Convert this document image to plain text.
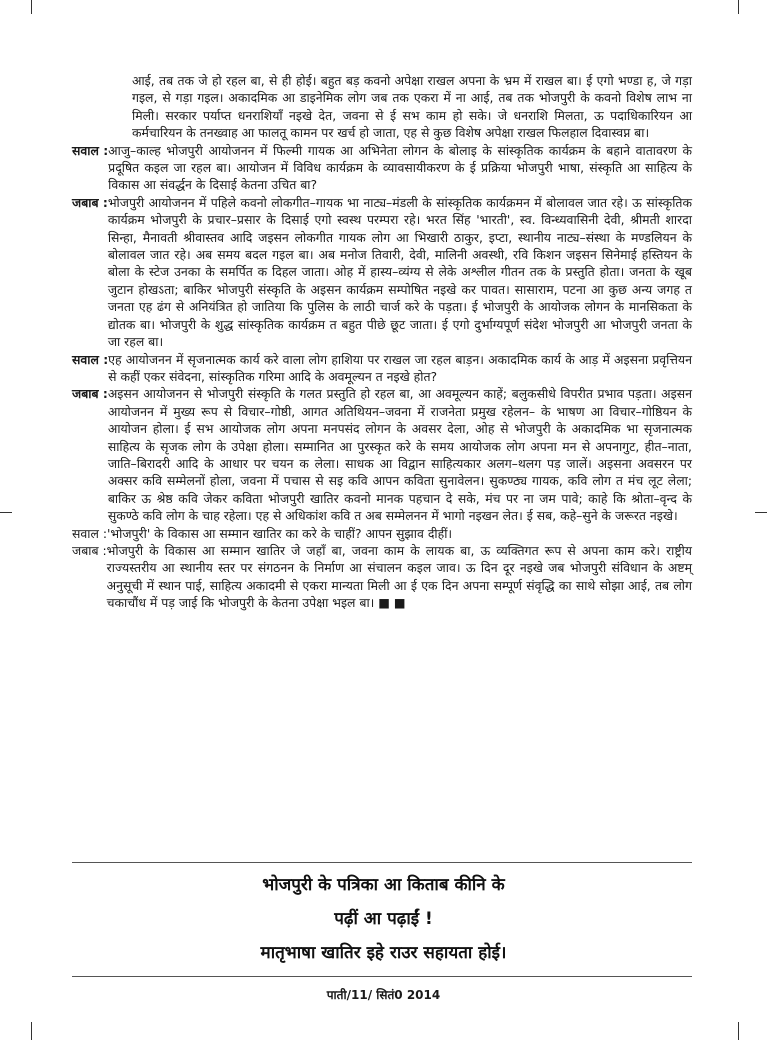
आई, तब तक जे हो रहल बा, से ही होई। बहुत बड़ कवनो अपेक्षा राखल अपना के भ्रम में राखल बा। ई एगो भण्डा ह, जे गड़ा गइल, से गड़ा गइल। अकादमिक आ डाइनेमिक लोग जब तक एकरा में ना आई, तब तक भोजपुरी के कवनो विशेष लाभ ना मिली। सरकार पर्याप्त धनराशियाँ नइखे देत, जवना से ई सभ काम हो सके। जे धनराशि मिलता, ऊ पदाधिकारियन आ कर्मचारियन के तनख्वाह आ फालतू कामन पर खर्च हो जाता, एह से कुछ विशेष अपेक्षा राखल फिलहाल दिवास्वप्न बा।

सवाल : आजु–काल्ह भोजपुरी आयोजनन में फिल्मी गायक आ अभिनेता लोगन के बोलाइ के सांस्कृतिक कार्यक्रम के बहाने वातावरण के प्रदूषित कइल जा रहल बा। आयोजन में विविध कार्यक्रम के व्यावसायीकरण के ई प्रक्रिया भोजपुरी भाषा, संस्कृति आ साहित्य के विकास आ संवर्द्धन के दिसाई केतना उचित बा?
जबाब : भोजपुरी आयोजनन में पहिले कवनो लोकगीत–गायक भा नाट्य–मंडली के सांस्कृतिक कार्यक्रमन में बोलावल जात रहे। ऊ सांस्कृतिक कार्यक्रम भोजपुरी के प्रचार–प्रसार के दिसाई एगो स्वस्थ परम्परा रहे। भरत सिंह 'भारती', स्व. विन्ध्यवासिनी देवी, श्रीमती शारदा सिन्हा, मैनावती श्रीवास्तव आदि जइसन लोकगीत गायक लोग आ भिखारी ठाकुर, इप्टा, स्थानीय नाट्य–संस्था के मण्डलियन के बोलावल जात रहे। अब समय बदल गइल बा। अब मनोज तिवारी, देवी, मालिनी अवस्थी, रवि किशन जइसन सिनेमाई हस्तियन के बोला के स्टेज उनका के समर्पित क दिहल जाता। ओह में हास्य–व्यंग्य से लेके अश्लील गीतन तक के प्रस्तुति होता। जनता के खूब जुटान होखऽता; बाकिर भोजपुरी संस्कृति के अइसन कार्यक्रम सम्पोषित नइखे कर पावत। सासाराम, पटना आ कुछ अन्य जगह त जनता एह ढंग से अनियंत्रित हो जातिया कि पुलिस के लाठी चार्ज करे के पड़ता। ई भोजपुरी के आयोजक लोगन के मानसिकता के द्योतक बा। भोजपुरी के शुद्ध सांस्कृतिक कार्यक्रम त बहुत पीछे छूट जाता। ई एगो दुर्भाग्यपूर्ण संदेश भोजपुरी आ भोजपुरी जनता के जा रहल बा।
सवाल : एह आयोजनन में सृजनात्मक कार्य करे वाला लोग हाशिया पर राखल जा रहल बाड़न। अकादमिक कार्य के आड़ में अइसना प्रवृत्तियन से कहीं एकर संवेदना, सांस्कृतिक गरिमा आदि के अवमूल्यन त नइखे होत?
जबाब : अइसन आयोजनन से भोजपुरी संस्कृति के गलत प्रस्तुति हो रहल बा, आ अवमूल्यन काहें; बलुकसीधे विपरीत प्रभाव पड़ता। अइसन आयोजनन में मुख्य रूप से विचार–गोष्ठी, आगत अतिथियन–जवना में राजनेता प्रमुख रहेलन– के भाषण आ विचार–गोष्ठियन के आयोजन होला। ई सभ आयोजक लोग अपना मनपसंद लोगन के अवसर देला, ओह से भोजपुरी के अकादमिक भा सृजनात्मक साहित्य के सृजक लोग के उपेक्षा होला। सम्मानित आ पुरस्कृत करे के समय आयोजक लोग अपना मन से अपनागुट, हीत–नाता, जाति–बिरादरी आदि के आधार पर चयन क लेला। साधक आ विद्वान साहित्यकार अलग–थलग पड़ जालें। अइसना अवसरन पर अक्सर कवि सम्मेलनों होला, जवना में पचास से सइ कवि आपन कविता सुनावेलन। सुकण्ठ्य गायक, कवि लोग त मंच लूट लेला; बाकिर ऊ श्रेष्ठ कवि जेकर कविता भोजपुरी खातिर कवनो मानक पहचान दे सके, मंच पर ना जम पावे; काहे कि श्रोता–वृन्द के सुकण्ठे कवि लोग के चाह रहेला। एह से अधिकांश कवि त अब सम्मेलनन में भागो नइखन लेत। ई सब, कहे–सुने के जरूरत नइखे।
सवाल : 'भोजपुरी' के विकास आ सम्मान खातिर का करे के चाहीं? आपन सुझाव दीहीं।
जबाब : भोजपुरी के विकास आ सम्मान खातिर जे जहाँ बा, जवना काम के लायक बा, ऊ व्यक्तिगत रूप से अपना काम करे। राष्ट्रीय राज्यस्तरीय आ स्थानीय स्तर पर संगठनन के निर्माण आ संचालन कइल जाव। ऊ दिन दूर नइखे जब भोजपुरी संविधान के अष्टम् अनुसूची में स्थान पाई, साहित्य अकादमी से एकरा मान्यता मिली आ ई एक दिन अपना सम्पूर्ण संवृद्धि का साथे सोझा आई, तब लोग चकाचौंध में पड़ जाई कि भोजपुरी के केतना उपेक्षा भइल बा। ■ ■
भोजपुरी के पत्रिका आ किताब कीनि के
पढ़ीं आ पढ़ाईं !
मातृभाषा खातिर इहे राउर सहायता होई।
पाती/11/ सितं0 2014
